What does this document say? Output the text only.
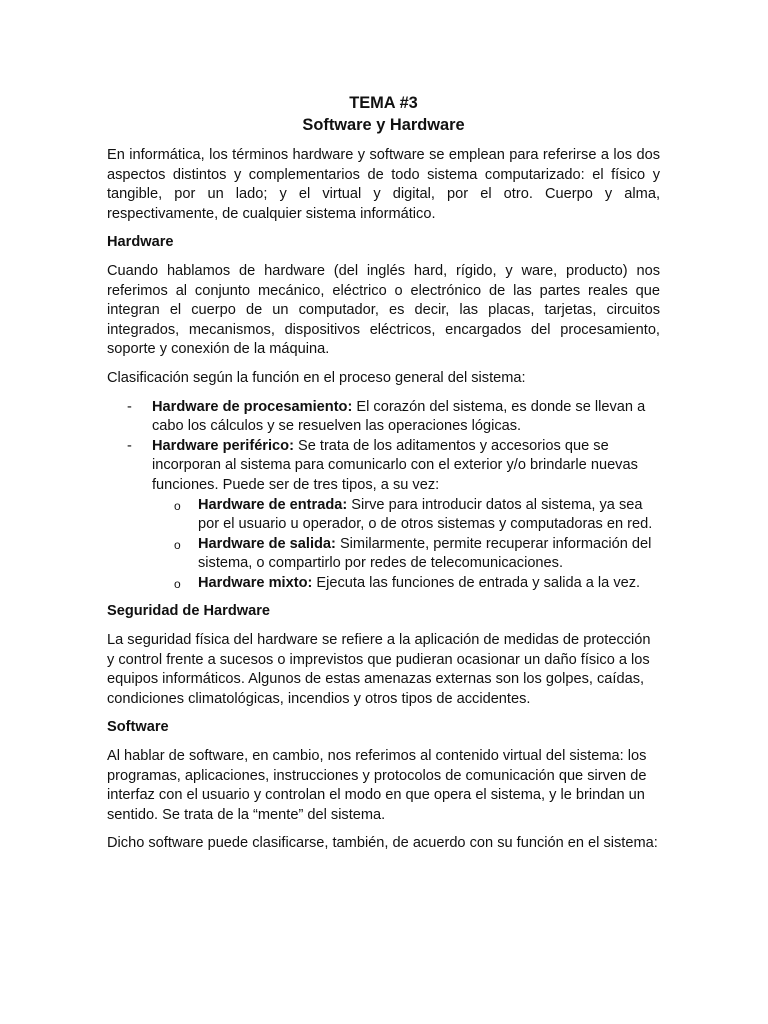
TEMA #3

Software y Hardware

En informática, los términos hardware y software se emplean para referirse a los dos aspectos distintos y complementarios de todo sistema computarizado: el físico y tangible, por un lado; y el virtual y digital, por el otro. Cuerpo y alma, respectivamente, de cualquier sistema informático.

Hardware

Cuando hablamos de hardware (del inglés hard, rígido, y ware, producto) nos referimos al conjunto mecánico, eléctrico o electrónico de las partes reales que integran el cuerpo de un computador, es decir, las placas, tarjetas, circuitos integrados, mecanismos, dispositivos eléctricos, encargados del procesamiento, soporte y conexión de la máquina.

Clasificación según la función en el proceso general del sistema:

- Hardware de procesamiento: El corazón del sistema, es donde se llevan a cabo los cálculos y se resuelven las operaciones lógicas.
- Hardware periférico: Se trata de los aditamentos y accesorios que se incorporan al sistema para comunicarlo con el exterior y/o brindarle nuevas funciones. Puede ser de tres tipos, a su vez:
o Hardware de entrada: Sirve para introducir datos al sistema, ya sea por el usuario u operador, o de otros sistemas y computadoras en red.
o Hardware de salida: Similarmente, permite recuperar información del sistema, o compartirlo por redes de telecomunicaciones.
o Hardware mixto: Ejecuta las funciones de entrada y salida a la vez.

Seguridad de Hardware

La seguridad física del hardware se refiere a la aplicación de medidas de protección y control frente a sucesos o imprevistos que pudieran ocasionar un daño físico a los equipos informáticos. Algunos de estas amenazas externas son los golpes, caídas, condiciones climatológicas, incendios y otros tipos de accidentes.

Software

Al hablar de software, en cambio, nos referimos al contenido virtual del sistema: los programas, aplicaciones, instrucciones y protocolos de comunicación que sirven de interfaz con el usuario y controlan el modo en que opera el sistema, y le brindan un sentido. Se trata de la “mente” del sistema.

Dicho software puede clasificarse, también, de acuerdo con su función en el sistema:
